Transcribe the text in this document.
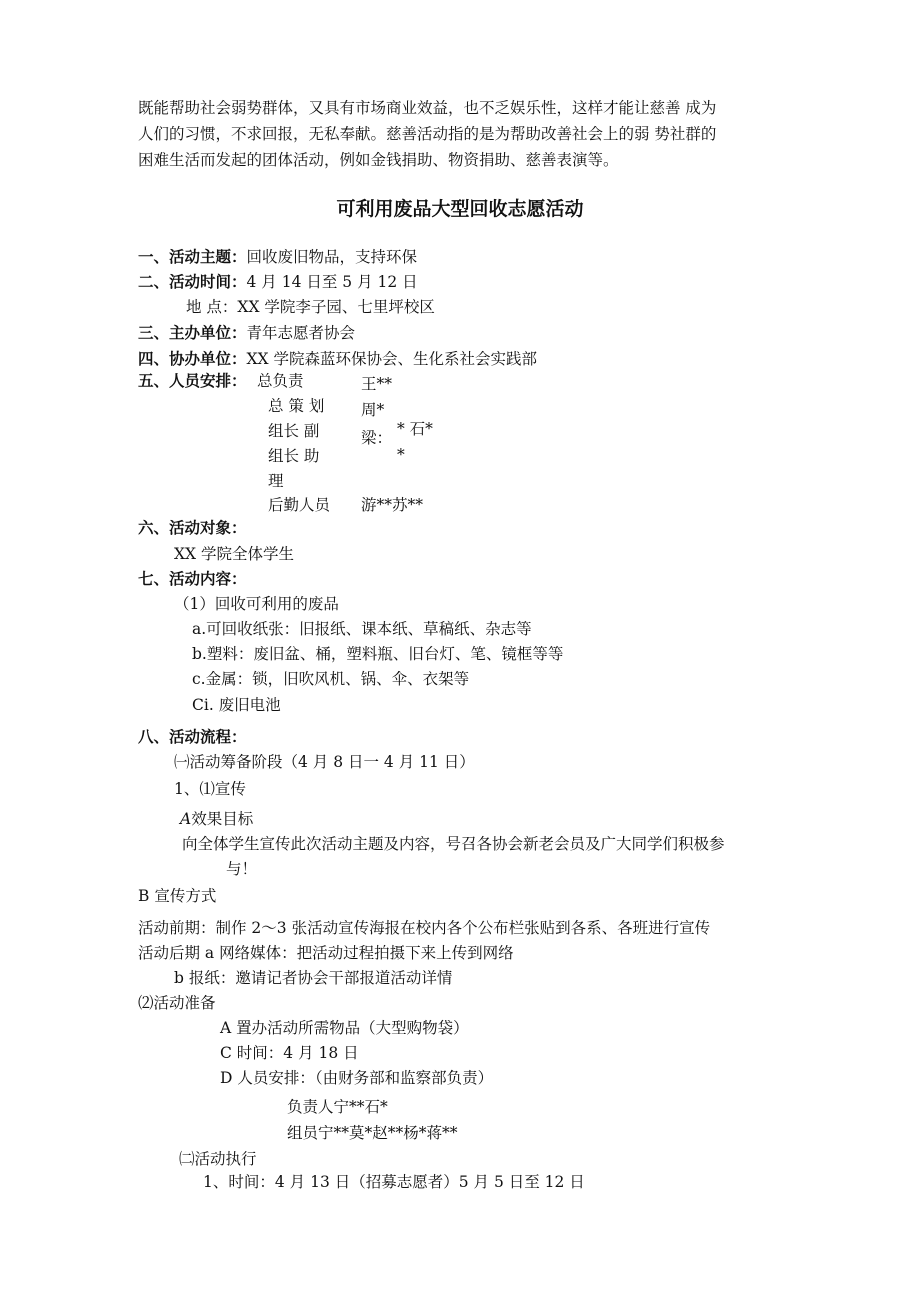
既能帮助社会弱势群体，又具有市场商业效益，也不乏娱乐性，这样才能让慈善 成为
人们的习惯，不求回报，无私奉献。慈善活动指的是为帮助改善社会上的弱 势社群的
困难生活而发起的团体活动，例如金钱捐助、物资捐助、慈善表演等。
可利用废品大型回收志愿活动
一、活动主题：回收废旧物品，支持环保
二、活动时间：4 月 14 日至 5 月 12 日
地 点：XX 学院李子园、七里坪校区
三、主办单位：青年志愿者协会
四、协办单位：XX 学院森蓝环保协会、生化系社会实践部
五、人员安排： 总负责
总 策 划
组长 副
组长 助
理
后勤人员
王**
周*
梁： * 石*
*
游**苏**
六、活动对象：
XX 学院全体学生
七、活动内容：
（1）回收可利用的废品
a.可回收纸张：旧报纸、课本纸、草稿纸、杂志等
b.塑料：废旧盆、桶，塑料瓶、旧台灯、笔、镜框等等
c.金属：锁，旧吹风机、锅、伞、衣架等
Ci. 废旧电池
八、活动流程：
㈠活动筹备阶段（4 月 8 日一 4 月 11 日）
1、⑴宣传
A效果目标
向全体学生宣传此次活动主题及内容，号召各协会新老会员及广大同学们积极参
与！
B 宣传方式
活动前期：制作 2～3 张活动宣传海报在校内各个公布栏张贴到各系、各班进行宣传
活动后期 a 网络媒体：把活动过程拍摄下来上传到网络
b 报纸：邀请记者协会干部报道活动详情
⑵活动准备
A 置办活动所需物品（大型购物袋）
C 时间：4 月 18 日
D 人员安排：（由财务部和监察部负责）
负责人宁**石*
组员宁**莫*赵**杨*蒋**
㈡活动执行
1、时间：4 月 13 日（招募志愿者）5 月 5 日至 12 日
